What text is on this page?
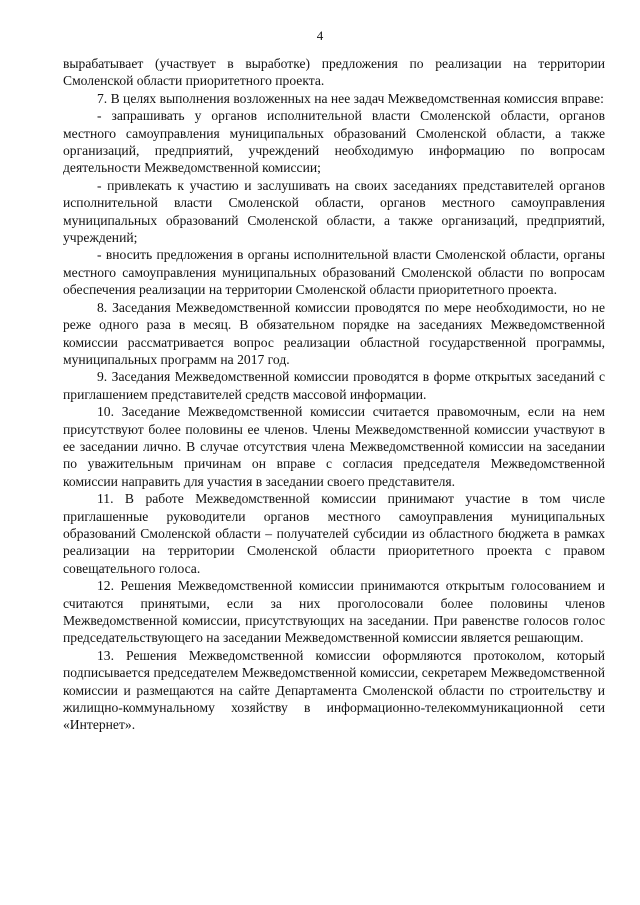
4

вырабатывает (участвует в выработке) предложения по реализации на территории Смоленской области приоритетного проекта.

7. В целях выполнения возложенных на нее задач Межведомственная комиссия вправе:

- запрашивать у органов исполнительной власти Смоленской области, органов местного самоуправления муниципальных образований Смоленской области, а также организаций, предприятий, учреждений необходимую информацию по вопросам деятельности Межведомственной комиссии;

- привлекать к участию и заслушивать на своих заседаниях представителей органов исполнительной власти Смоленской области, органов местного самоуправления муниципальных образований Смоленской области, а также организаций, предприятий, учреждений;

- вносить предложения в органы исполнительной власти Смоленской области, органы местного самоуправления муниципальных образований Смоленской области по вопросам обеспечения реализации на территории Смоленской области приоритетного проекта.

8. Заседания Межведомственной комиссии проводятся по мере необходимости, но не реже одного раза в месяц. В обязательном порядке на заседаниях Межведомственной комиссии рассматривается вопрос реализации областной государственной программы, муниципальных программ на 2017 год.

9. Заседания Межведомственной комиссии проводятся в форме открытых заседаний с приглашением представителей средств массовой информации.

10. Заседание Межведомственной комиссии считается правомочным, если на нем присутствуют более половины ее членов. Члены Межведомственной комиссии участвуют в ее заседании лично. В случае отсутствия члена Межведомственной комиссии на заседании по уважительным причинам он вправе с согласия председателя Межведомственной комиссии направить для участия в заседании своего представителя.

11. В работе Межведомственной комиссии принимают участие в том числе приглашенные руководители органов местного самоуправления муниципальных образований Смоленской области – получателей субсидии из областного бюджета в рамках реализации на территории Смоленской области приоритетного проекта с правом совещательного голоса.

12. Решения Межведомственной комиссии принимаются открытым голосованием и считаются принятыми, если за них проголосовали более половины членов Межведомственной комиссии, присутствующих на заседании. При равенстве голосов голос председательствующего на заседании Межведомственной комиссии является решающим.

13. Решения Межведомственной комиссии оформляются протоколом, который подписывается председателем Межведомственной комиссии, секретарем Межведомственной комиссии и размещаются на сайте Департамента Смоленской области по строительству и жилищно-коммунальному хозяйству в информационно-телекоммуникационной сети «Интернет».
